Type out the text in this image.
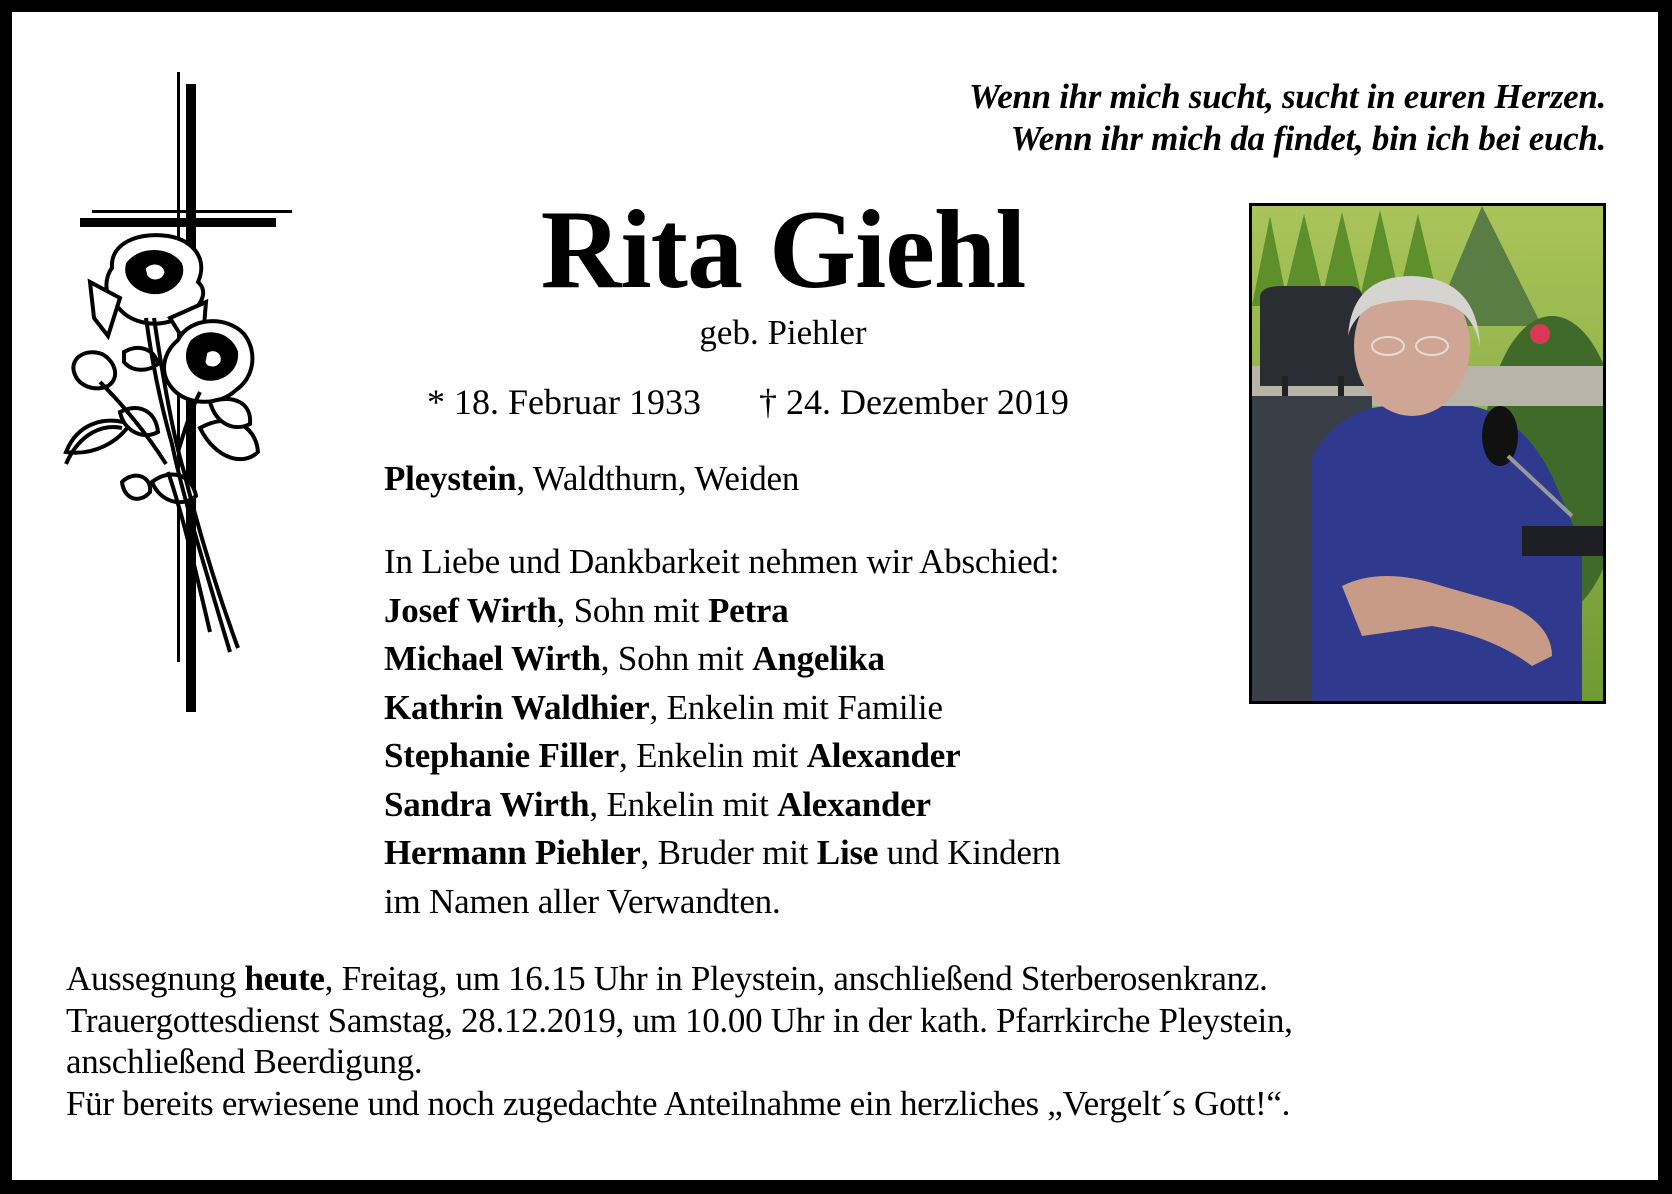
Wenn ihr mich sucht, sucht in euren Herzen.
Wenn ihr mich da findet, bin ich bei euch.
Rita Giehl
geb. Piehler
* 18. Februar 1933 † 24. Dezember 2019
Pleystein, Waldthurn, Weiden
In Liebe und Dankbarkeit nehmen wir Abschied:
Josef Wirth, Sohn mit Petra
Michael Wirth, Sohn mit Angelika
Kathrin Waldhier, Enkelin mit Familie
Stephanie Filler, Enkelin mit Alexander
Sandra Wirth, Enkelin mit Alexander
Hermann Piehler, Bruder mit Lise und Kindern
im Namen aller Verwandten.
Aussegnung heute, Freitag, um 16.15 Uhr in Pleystein, anschließend Sterberosenkranz.
Trauergottesdienst Samstag, 28.12.2019, um 10.00 Uhr in der kath. Pfarrkirche Pleystein,
anschließend Beerdigung.
Für bereits erwiesene und noch zugedachte Anteilnahme ein herzliches „Vergelt´s Gott!“.
